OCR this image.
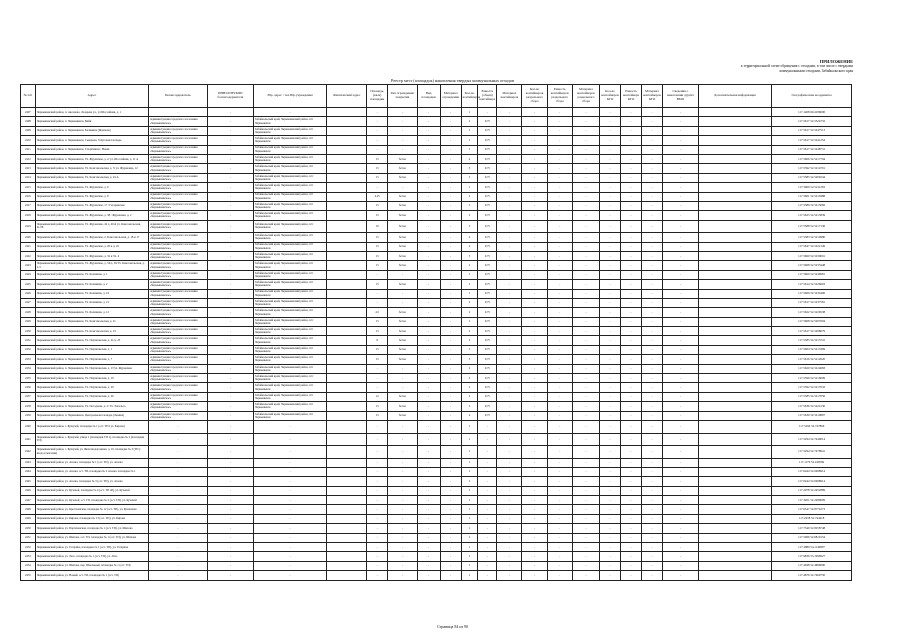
ПРИЛОЖЕНИЕ
к территориальной схеме обращения с отходами, в том числе с твердыми
коммунальными отходами, Забайкальского края
Реестр мест (площадок) накопления твердых коммунальных отходов
№ п/п	Адрес	Балансодержатель	ИНН/ОГРН/КПП балансодержателя	Юр. адрес / тел.Юр.учреждения	Фактический адрес	Площадь, (кв.м) площадки	Тип ограждения/ покрытия	Вид площадки	Материал ограждения	Кол-во контейнеров	Емкость (объем) контейнера	Материал контейнеров	Кол-во контейнеров раздельного сбора	Емкость контейнеров раздельного сбора	Материал контейнеров раздельного сбора	Кол-во контейнеров КГО	Емкость контейнера КГО	Материал контейнеров КГО	Сведения о накоплении других ВМО	Дополнительная информация	Географические координаты
2407	Чернышевский район, п. Аксеново, Лазарева ул., ул Шоссейная, д. 1	-	-	-		-	-	-	-	1	-	-	-	-	-	-	-	-	-		117.1408 69.4186000
2408	Чернышевский район, п. Чернышевск, Бийи	Администрация городского поселения «Чернышевское»	-	Забайкальский край, Чернышевский район, пгт Чернышевск		-	-	-	-	2	0,75	-	-	-	-	-	-	-	-		117.5617 52.5524732
2409	Чернышевский район, п. Чернышевск, Калинина (Жданова)	Администрация городского поселения «Чернышевское»	-	Забайкальский край, Чернышевский район, пгт Чернышевск		-	-	-	-	1	0,75	-	-	-	-	-	-	-	-		117.5617 52.5247513
2410	Чернышевский район, п. Чернышевск, Северная, 3/Луговая площадь	Администрация городского поселения «Чернышевское»	-	Забайкальский край, Чернышевский район, пгт Чернышевск		-	-	-	-	1	0,75	-	-	-	-	-	-	-	-		117.5617 52.5241254
2411	Чернышевский район, п. Чернышевск, Спортивная / Новая	Администрация городского поселения «Чернышевское»	-	Забайкальский край, Чернышевский район, пгт Чернышевск		-	-	-	-	1	0,75	-	-	-	-	-	-	-	-		117.5617 52.5248731
2412	Чернышевский район, п. Чернышевск, Ул. Журавлева, д. 2/ ул. Шоссейная, д. 11 А	Администрация городского поселения «Чернышевское»	-	Забайкальский край, Чернышевский район, пгт Чернышевск		15	бетон	-	-	4	0,75	-	-	-	-	-	-	-	-		117.5606 52.5217794
2413	Чернышевский район, п. Чернышевск, Ул. Комсомольская, д. 3/ ул. Журавлева, 12	Администрация городского поселения «Чернышевское»	-	Забайкальский край, Чернышевский район, пгт Чернышевск		15	бетон	-	-	3	0,75	-	-	-	-	-	-	-	-		117.5592 52.5214701
2414	Чернышевский район, п. Чернышевск, Ул. Комсомольская, д. 24 А	Администрация городского поселения «Чернышевское»	-	Забайкальский край, Чернышевский район, пгт Чернышевск		15	бетон	-	-	3	0,75	-	-	-	-	-	-	-	-		117.5585 52.5200244
2415	Чернышевский район, п. Чернышевск, Ул. Журавлева, д. 6	Администрация городского поселения «Чернышевское»	-	Забайкальский край, Чернышевский район, пгт Чернышевск		-	-	-	-	1	0,75	-	-	-	-	-	-	-	-		117.5600 52.5211293
2416	Чернышевский район, п. Чернышевск, Ул. Журавлева, д. 8	Администрация городского поселения «Чернышевское»	-	Забайкальский край, Чернышевский район, пгт Чернышевск		4,25	бетон	-	-	2	0,75	-	-	-	-	-	-	-	-		117.5601 52.5210488
2417	Чернышевский район, п. Чернышевск, Ул. Журавлева, 17 / Гагаринская	Администрация городского поселения «Чернышевское»	-	Забайкальский край, Чернышевский район, пгт Чернышевск		15	бетон	-	-	3	0,75	-	-	-	-	-	-	-	-		117.5580 52.5215082
2418	Чернышевский район, п. Чернышевск, Ул. Журавлева, д. 38 / Журавлева, д. 2	Администрация городского поселения «Чернышевское»	-	Забайкальский край, Чернышевский район, пгт Чернышевск		15	бетон	-	-	2	0,75	-	-	-	-	-	-	-	-		117.5625 52.5215839
2419	Чернышевский район, п. Чернышевск, Ул. Журавлева, 42 д. 40-й ул. Комсомольская, 21/28	Администрация городского поселения «Чернышевское»	-	Забайкальский край, Чернышевский район, пгт Чернышевск		10	бетон	-	-	3	0,75	-	-	-	-	-	-	-	-		117.5588 52.5217136
2420	Чернышевский район, п. Чернышевск, Ул. Журавлева, 2, Комсомольская, д. 18 и 17	Администрация городского поселения «Чернышевское»	-	Забайкальский край, Чернышевский район, пгт Чернышевск		15	бетон	-	-	4	0,75	-	-	-	-	-	-	-	-		117.5583 52.5210980
2421	Чернышевский район, п. Чернышевск, Ул. Журавлева, д. 20 и д. 22	Администрация городского поселения «Чернышевское»	-	Забайкальский край, Чернышевский район, пгт Чернышевск		15	бетон	-	-	4	0,75	-	-	-	-	-	-	-	-		117.5647 52.5222149
2422	Чернышевский район, п. Чернышевск, Ул. Журавлева, д. 32 и Ул. 4	Администрация городского поселения «Чернышевское»	-	Забайкальский край, Чернышевский район, пгт Чернышевск		15	бетон	-	-	3	0,75	-	-	-	-	-	-	-	-		117.5660 52.5230091
2423	Чернышевский район, п. Чернышевск, Ул. Журавлева, д. 34/д. 36/Ул. Комсомольская, д. 1-3	Администрация городского поселения «Чернышевское»	-	Забайкальский край, Чернышевский район, пгт Чернышевск		15	бетон	-	-	2	0,75	-	-	-	-	-	-	-	-		117.5668 52.5233448
2424	Чернышевский район, п. Чернышевск, Ул. Калинина, д. 1	Администрация городского поселения «Чернышевское»	-	Забайкальский край, Чернышевский район, пгт Чернышевск		-	-	-	-	1	0,75	-	-	-	-	-	-	-	-		117.5600 52.5246981
2425	Чернышевский район, п. Чернышевск, Ул. Калинина, д. 2	Администрация городского поселения «Чернышевское»	-	Забайкальский край, Чернышевский район, пгт Чернышевск		15	бетон	-	-	3	0,75	-	-	-	-	-	-	-	-		117.5614 52.5226003
2426	Чернышевский район, п. Чернышевск, Ул. Калинина, д. 19	Администрация городского поселения «Чернышевское»	-	Забайкальский край, Чернышевский район, пгт Чернышевск		-	-	-	-	1	0,75	-	-	-	-	-	-	-	-		117.5609 52.5234406
2427	Чернышевский район, п. Чернышевск, Ул. Калинина, д. 21	Администрация городского поселения «Чернышевское»	-	Забайкальский край, Чернышевский район, пгт Чернышевск		-	-	-	-	2	0,75	-	-	-	-	-	-	-	-		117.5617 52.5237581
2428	Чернышевский район, п. Чернышевск, Ул. Калинина, д. 12	Администрация городского поселения «Чернышевское»	-	Забайкальский край, Чернышевский район, пгт Чернышевск		4,5	бетон	-	-	2	0,75	-	-	-	-	-	-	-	-		117.5622 52.5226538
2429	Чернышевский район, п. Чернышевск, Ул. Комсомольская, д. 21	Администрация городского поселения «Чернышевское»	-	Забайкальский край, Чернышевский район, пгт Чернышевск		15	бетон	-	-	1	0,75	-	-	-	-	-	-	-	-		117.5608 52.5207604
2430	Чернышевский район, п. Чернышевск, Ул. Комсомольская, д. 23	Администрация городского поселения «Чернышевское»	-	Забайкальский край, Чернышевский район, пгт Чернышевск		15	бетон	-	-	2	0,75	-	-	-	-	-	-	-	-		117.5617 52.5208079
2431	Чернышевский район, п. Чернышевск, Ул. Партизанская, д. 21/д. 23	Администрация городского поселения «Чернышевское»	-	Забайкальский край, Чернышевский район, пгт Чернышевск		8	бетон	-	-	2	0,75	-	-	-	-	-	-	-	-		117.5585 52.5213741
2432	Чернышевский район, п. Чернышевск, Ул. Партизанская, д. 1	Администрация городского поселения «Чернышевское»	-	Забайкальский край, Чернышевский район, пгт Чернышевск		15	бетон	-	-	3	0,75	-	-	-	-	-	-	-	-		117.5604 52.5213369
2433	Чернышевский район, п. Чернышевск, Ул. Партизанская, д. 7	Администрация городского поселения «Чернышевское»	-	Забайкальский край, Чернышевский район, пгт Чернышевск		15	бетон	-	-	3	0,75	-	-	-	-	-	-	-	-		117.5616 52.5212620
2434	Чернышевский район, п. Чернышевск, Ул. Партизанская, д. 17/ул. Журавлева	Администрация городского поселения «Чернышевское»	-	Забайкальский край, Чернышевский район, пгт Чернышевск		-	-	-	-	2	0,75	-	-	-	-	-	-	-	-		117.5620 52.5214683
2435	Чернышевский район, п. Чернышевск, Ул. Партизанская, д. 19	Администрация городского поселения «Чернышевское»	-	Забайкальский край, Чернышевский район, пгт Чернышевск		-	-	-	-	2	0,75	-	-	-	-	-	-	-	-		117.5599 52.5216099
2436	Чернышевский район, п. Чернышевск, Ул. Партизанская, д. 29	Администрация городского поселения «Чернышевское»	-	Забайкальский край, Чернышевский район, пгт Чернышевск		-	-	-	-	2	0,75	-	-	-	-	-	-	-	-		117.5592 52.5217032
2437	Чернышевский район, п. Чернышевск, Ул. Партизанская, д. 26	Администрация городского поселения «Чернышевское»	-	Забайкальский край, Чернышевский район, пгт Чернышевск		12	бетон	-	-	2	0,75	-	-	-	-	-	-	-	-		117.5585 52.5217056
2438	Чернышевский район, п. Чернышевск, Ул. Погодаева, д. 2/ Ул. Энгельса	Администрация городского поселения «Чернышевское»	-	Забайкальский край, Чернышевский район, пгт Чернышевск		15	бетон	-	-	3	0,75	-	-	-	-	-	-	-	-		117.5636 52.5224130
2439	Чернышевский район, п. Чернышевск, Центральная площадь (Ленина)	Администрация городского поселения «Чернышевское»	-	Забайкальский край, Чернышевский район, пгт Чернышевск		15	бетон	-	-	4	0,75	-	-	-	-	-	-	-	-		117.5630 52.5219807
2440	Чернышевский район, с. Бушулей, площадка № 1 (ост. ТП1 ул. Кирова)	-	-	-		-	-	-	-	1	-	-	-	-	-	-	-	-	-		117.5294 52.747866
2441	Чернышевский район, с. Бушулей, улица 1 (площадки ТП 1), площадка № 2 (площадки ТП)	-	-	-		-	-	-	-	1	-	-	-	-	-	-	-	-	-		117.5294 52.7440014
2442	Чернышевский район, с. Бушулей, ул. Железнодорожная, д. 10, площадка № 3 (ТП у входа в магазин)	-	-	-		-	-	-	-	1	-	-	-	-	-	-	-	-	-		117.5294 52.7478941
2443	Чернышевский район, ул. Агеева, площадка № 1 (ост. ТП), ул. Агеева	-	-	-		-	-	-	-	1	-	-	-	-	-	-	-	-	-		117.1179 52.240582
2444	Чернышевский район, ул. Агеева, ост. ТП, площадка № 2 Агеева, площадка № 1	-	-	-		-	-	-	-	1	-	-	-	-	-	-	-	-	-		117.0444 52.0498914
2445	Чернышевский район, ул. Агеева, площадка № 3 (ост. ТП), ул. Агеева	-	-	-		-	-	-	-	1	-	-	-	-	-	-	-	-	-		117.0444 52.0498914
2446	Чернышевский район, ул. Кучевой, площадка № 4 (ост. ТП 46), ул. Кучевой	-	-	-		-	-	-	-	1	-	-	-	-	-	-	-	-	-		117.2978 52.2452889
2447	Чернышевский район, ул. Кучевой, ост. ТП, площадка № 5 (ост. ТП), ул. Кучевой	-	-	-		-	-	-	-	1	-	-	-	-	-	-	-	-	-		117.3201 52.2280009
2448	Чернышевский район, ул. Крестьянская, площадка № 12 (ост. ТП), ул. Кузнечная	-	-	-		-	-	-	-	1	-	-	-	-	-	-	-	-	-		117.6547 52.8774273
2449	Чернышевский район, ул. Кирова, площадка № 13 (ост. ТП), ул. Кирова	-	-	-		-	-	-	-	1	-	-	-	-	-	-	-	-	-		117.2018 52.744418
2450	Чернышевский район, ул. Партизанская, площадка № 1 (ост. ТП), ул. Шилова	-	-	-		-	-	-	-	1	-	-	-	-	-	-	-	-	-		117.7549 52.8258748
2451	Чернышевский район, ул. Шилова, ост. ТП, площадка № 1 (ост. ТП), ул. Шилова	-	-	-		-	-	-	-	1	-	-	-	-	-	-	-	-	-		117.5066 52.6810154
2452	Чернышевский район, ул. Гагарина, площадка № 1 (ост. ТП), ул. Гагарина	-	-	-		-	-	-	-	1	-	-	-	-	-	-	-	-	-		117.2889 54.1149807
2453	Чернышевский район, ул. Лазо, площадка № 1 (ост. ТП), ул. Лазо	-	-	-		-	-	-	-	1	-	-	-	-	-	-	-	-	-		117.9836 53.1996927
2454	Чернышевский район, ул. Шилова, пер. Школьный, площадка № 1 (ост. ТП)	-	-	-		-	-	-	-	1	-	-	-	-	-	-	-	-	-		117.4948 52.4686000
2455	Чернышевский район, ул. Новый, ост. ТП, площадка № 1 (ост. ТП)	-	-	-		-	-	-	-	1	-	-	-	-	-	-	-	-	-		117.4876 52.7469750
Страница 84 из 90
